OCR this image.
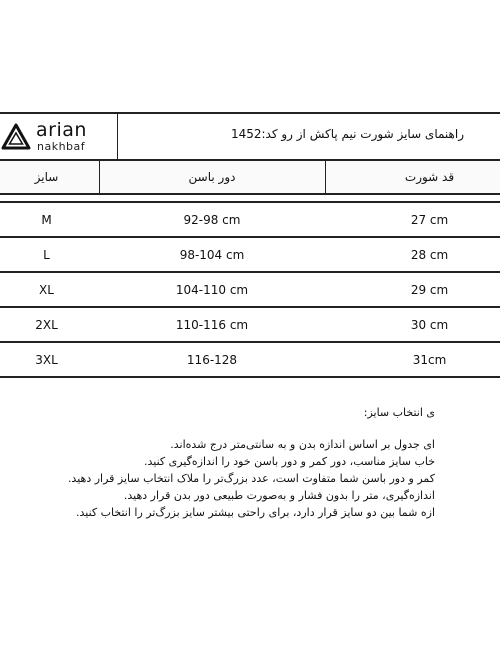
arian
nakhbaf
راهنمای سایز شورت نیم پاکش از رو کد:1452
سایز	دور باسن	قد شورت
M	92-98 cm	27 cm
L	98-104 cm	28 cm
XL	104-110 cm	29 cm
2XL	110-116 cm	30 cm
3XL	116-128	31cm
ی انتخاب سایز:

ای جدول بر اساس اندازه بدن و به سانتی‌متر درج شده‌اند.

خاب سایز مناسب، دور کمر و دور باسن خود را اندازه‌گیری کنید.

کمر و دور باسن شما متفاوت است، عدد بزرگ‌تر را ملاک انتخاب سایز قرار دهید.

اندازه‌گیری، متر را بدون فشار و به‌صورت طبیعی دور بدن قرار دهید.

ازه شما بین دو سایز قرار دارد، برای راحتی بیشتر سایز بزرگ‌تر را انتخاب کنید.
